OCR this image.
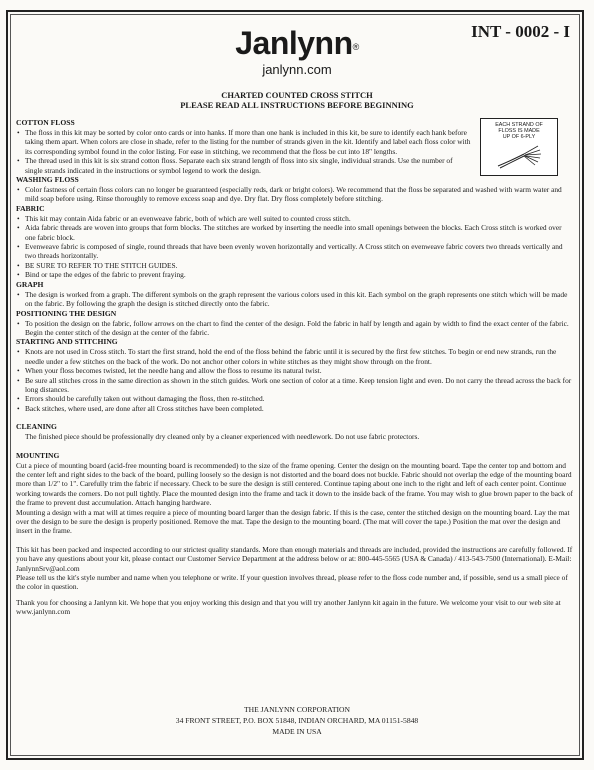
Janlynn®
janlynn.com
INT - 0002 - I
CHARTED COUNTED CROSS STITCH
PLEASE READ ALL INSTRUCTIONS BEFORE BEGINNING
EACH STRAND OF
FLOSS IS MADE
UP OF 6-PLY
COTTON FLOSS
• The floss in this kit may be sorted by color onto cards or into hanks. If more than one hank is included in this kit, be sure to identify each hank before taking them apart. When colors are close in shade, refer to the listing for the number of strands given in the kit. Identify and label each floss color with its corresponding symbol found in the color listing. For ease in stitching, we recommend that the floss be cut into 18" lengths.
• The thread used in this kit is six strand cotton floss. Separate each six strand length of floss into six single, individual strands. Use the number of single strands indicated in the instructions or symbol legend to work the design.
WASHING FLOSS
• Color fastness of certain floss colors can no longer be guaranteed (especially reds, dark or bright colors). We recommend that the floss be separated and washed with warm water and mild soap before using. Rinse thoroughly to remove excess soap and dye. Dry flat. Dry floss completely before stitching.
FABRIC
• This kit may contain Aida fabric or an evenweave fabric, both of which are well suited to counted cross stitch.
• Aida fabric threads are woven into groups that form blocks. The stitches are worked by inserting the needle into small openings between the blocks. Each Cross stitch is worked over one fabric block.
• Evenweave fabric is composed of single, round threads that have been evenly woven horizontally and vertically. A Cross stitch on evenweave fabric covers two threads vertically and two threads horizontally.
• BE SURE TO REFER TO THE STITCH GUIDES.
• Bind or tape the edges of the fabric to prevent fraying.
GRAPH
• The design is worked from a graph. The different symbols on the graph represent the various colors used in this kit. Each symbol on the graph represents one stitch which will be made on the fabric. By following the graph the design is stitched directly onto the fabric.
POSITIONING THE DESIGN
• To position the design on the fabric, follow arrows on the chart to find the center of the design. Fold the fabric in half by length and again by width to find the exact center of the fabric. Begin the center stitch of the design at the center of the fabric.
STARTING AND STITCHING
• Knots are not used in Cross stitch. To start the first strand, hold the end of the floss behind the fabric until it is secured by the first few stitches. To begin or end new strands, run the needle under a few stitches on the back of the work. Do not anchor other colors in white stitches as they might show through on the front.
• When your floss becomes twisted, let the needle hang and allow the floss to resume its natural twist.
• Be sure all stitches cross in the same direction as shown in the stitch guides. Work one section of color at a time. Keep tension light and even. Do not carry the thread across the back for long distances.
• Errors should be carefully taken out without damaging the floss, then re-stitched.
• Back stitches, where used, are done after all Cross stitches have been completed.
CLEANING

The finished piece should be professionally dry cleaned only by a cleaner experienced with needlework. Do not use fabric protectors.

MOUNTING

Cut a piece of mounting board (acid-free mounting board is recommended) to the size of the frame opening. Center the design on the mounting board. Tape the center top and bottom and the center left and right sides to the back of the board, pulling loosely so the design is not distorted and the board does not buckle. Fabric should not overlap the edge of the mounting board more than 1/2" to 1". Carefully trim the fabric if necessary. Check to be sure the design is still centered. Continue taping about one inch to the right and left of each center point. Continue working towards the corners. Do not pull tightly. Place the mounted design into the frame and tack it down to the inside back of the frame. You may wish to glue brown paper to the back of the frame to prevent dust accumulation. Attach hanging hardware.

Mounting a design with a mat will at times require a piece of mounting board larger than the design fabric. If this is the case, center the stitched design on the mounting board. Lay the mat over the design to be sure the design is properly positioned. Remove the mat. Tape the design to the mounting board. (The mat will cover the tape.) Position the mat over the design and insert in the frame.

This kit has been packed and inspected according to our strictest quality standards. More than enough materials and threads are included, provided the instructions are carefully followed. If you have any questions about your kit, please contact our Customer Service Department at the address below or at: 800-445-5565 (USA & Canada) / 413-543-7500 (International). E-Mail: JanlynnSrv@aol.com

Please tell us the kit's style number and name when you telephone or write. If your question involves thread, please refer to the floss code number and, if possible, send us a small piece of the color in question.

Thank you for choosing a Janlynn kit. We hope that you enjoy working this design and that you will try another Janlynn kit again in the future. We welcome your visit to our web site at www.janlynn.com

THE JANLYNN CORPORATION
34 FRONT STREET, P.O. BOX 51848, INDIAN ORCHARD, MA 01151-5848
MADE IN USA
